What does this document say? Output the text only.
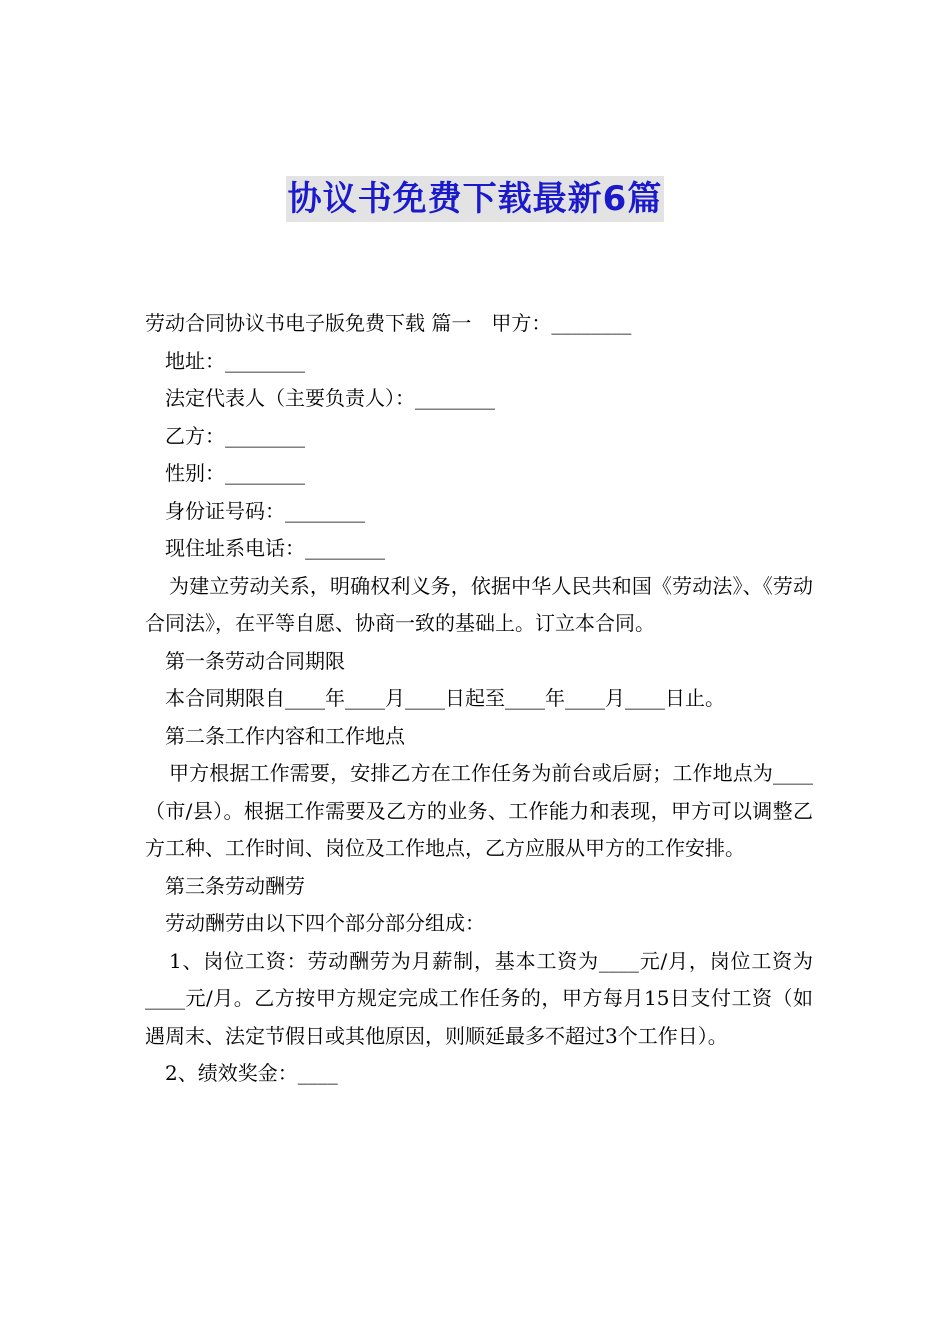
协议书免费下载最新6篇

劳动合同协议书电子版免费下载 篇一　甲方：________

地址：________

法定代表人（主要负责人）：________

乙方：________

性别：________

身份证号码：________

现住址系电话：________

为建立劳动关系，明确权利义务，依据中华人民共和国《劳动法》、《劳动合同法》，在平等自愿、协商一致的基础上。订立本合同。

第一条劳动合同期限

本合同期限自____年____月____日起至____年____月____日止。

第二条工作内容和工作地点

甲方根据工作需要，安排乙方在工作任务为前台或后厨；工作地点为____（市/县）。根据工作需要及乙方的业务、工作能力和表现，甲方可以调整乙方工种、工作时间、岗位及工作地点，乙方应服从甲方的工作安排。

第三条劳动酬劳

劳动酬劳由以下四个部分部分组成：

1、岗位工资：劳动酬劳为月薪制，基本工资为____元/月，岗位工资为____元/月。乙方按甲方规定完成工作任务的，甲方每月15日支付工资（如遇周末、法定节假日或其他原因，则顺延最多不超过3个工作日）。

2、绩效奖金：____
